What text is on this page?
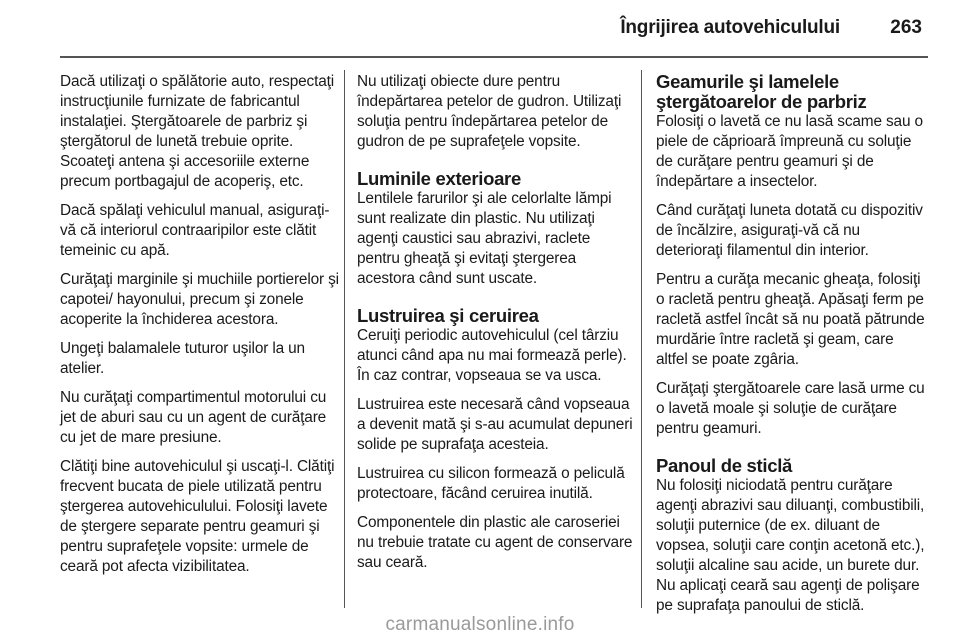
Îngrijirea autovehiculului	263

Dacă utilizaţi o spălătorie auto, respectaţi instrucţiunile furnizate de fabricantul instalaţiei. Ştergătoarele de parbriz şi ştergătorul de lunetă trebuie oprite. Scoateţi antena şi accesoriile externe precum portbagajul de acoperiş, etc.

Dacă spălaţi vehiculul manual, asiguraţi-vă că interiorul contraaripilor este clătit temeinic cu apă.

Curăţaţi marginile şi muchiile portierelor şi capotei/ hayonului, precum şi zonele acoperite la închiderea acestora.

Ungeţi balamalele tuturor uşilor la un atelier.

Nu curăţaţi compartimentul motorului cu jet de aburi sau cu un agent de curăţare cu jet de mare presiune.

Clătiţi bine autovehiculul şi uscaţi-l. Clătiţi frecvent bucata de piele utilizată pentru ştergerea autovehiculului. Folosiţi lavete de ştergere separate pentru geamuri şi pentru suprafeţele vopsite: urmele de ceară pot afecta vizibilitatea.

Nu utilizaţi obiecte dure pentru îndepărtarea petelor de gudron. Utilizaţi soluţia pentru îndepărtarea petelor de gudron de pe suprafeţele vopsite.

Luminile exterioare

Lentilele farurilor şi ale celorlalte lămpi sunt realizate din plastic. Nu utilizaţi agenţi caustici sau abrazivi, raclete pentru gheaţă şi evitaţi ştergerea acestora când sunt uscate.

Lustruirea şi ceruirea

Ceruiţi periodic autovehiculul (cel târziu atunci când apa nu mai formează perle). În caz contrar, vopseaua se va usca.

Lustruirea este necesară când vopseaua a devenit mată şi s-au acumulat depuneri solide pe suprafaţa acesteia.

Lustruirea cu silicon formează o peliculă protectoare, făcând ceruirea inutilă.

Componentele din plastic ale caroseriei nu trebuie tratate cu agent de conservare sau ceară.

Geamurile şi lamelele ştergătoarelor de parbriz

Folosiţi o lavetă ce nu lasă scame sau o piele de căprioară împreună cu soluţie de curăţare pentru geamuri şi de îndepărtare a insectelor.

Când curăţaţi luneta dotată cu dispozitiv de încălzire, asiguraţi-vă că nu deterioraţi filamentul din interior.

Pentru a curăţa mecanic gheaţa, folosiţi o racletă pentru gheaţă. Apăsaţi ferm pe racletă astfel încât să nu poată pătrunde murdărie între racletă şi geam, care altfel se poate zgâria.

Curăţaţi ştergătoarele care lasă urme cu o lavetă moale şi soluţie de curăţare pentru geamuri.

Panoul de sticlă

Nu folosiţi niciodată pentru curăţare agenţi abrazivi sau diluanţi, combustibili, soluţii puternice (de ex. diluant de vopsea, soluţii care conţin acetonă etc.), soluţii alcaline sau acide, un burete dur. Nu aplicaţi ceară sau agenţi de polişare pe suprafaţa panoului de sticlă.

carmanualsonline.info
